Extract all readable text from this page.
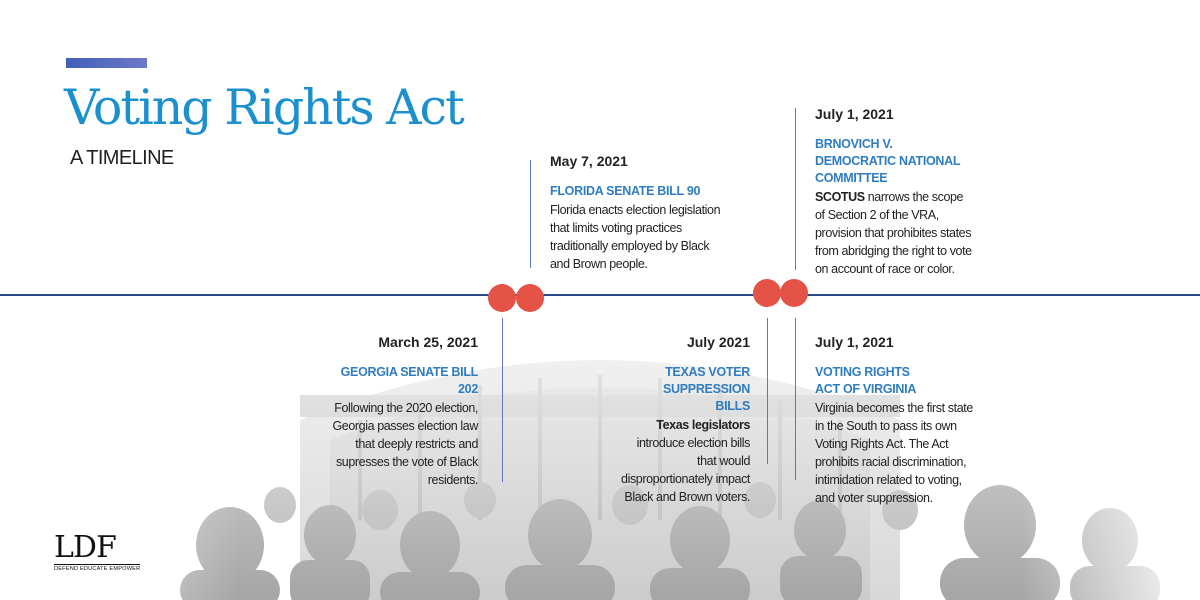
Voting Rights Act
A TIMELINE	May 7, 2021
FLORIDA SENATE BILL 90
Florida enacts election legislation that limits voting practices traditionally employed by Black and Brown people.
July 1, 2021
BRNOVICH V. DEMOCRATIC NATIONAL COMMITTEE
SCOTUS narrows the scope of Section 2 of the VRA, provision that prohibites states from abridging the right to vote on account of race or color.
March 25, 2021
GEORGIA SENATE BILL 202
Following the 2020 election, Georgia passes election law that deeply restricts and supresses the vote of Black residents.
July 2021
TEXAS VOTER SUPPRESSION BILLS
Texas legislators introduce election bills that would disproportionately impact Black and Brown voters.
July 1, 2021
VOTING RIGHTS ACT OF VIRGINIA
Virginia becomes the first state in the South to pass its own Voting Rights Act. The Act prohibits racial discrimination, intimidation related to voting, and voter suppression.
LDF
DEFEND EDUCATE EMPOWER
